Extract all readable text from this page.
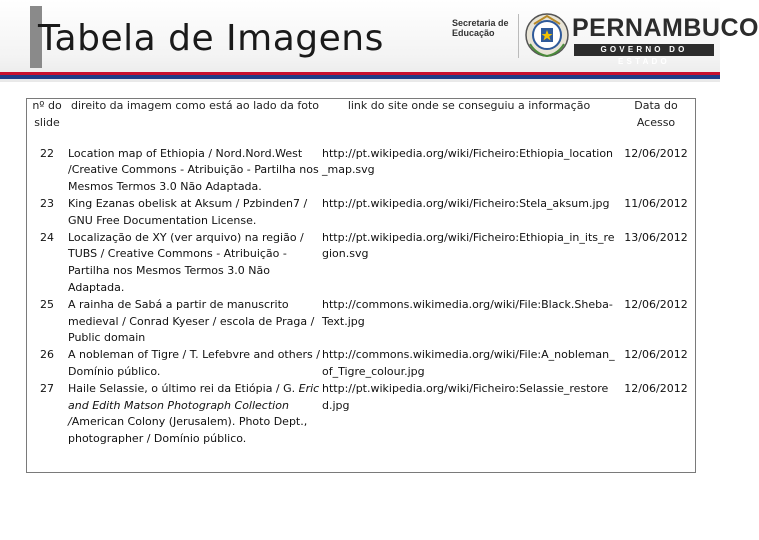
Tabela de Imagens	Secretaria de
Educação	PERNAMBUCO
GOVERNO DO ESTADO
nº do slide	direito da imagem como está ao lado da foto	link do site onde se conseguiu a informação	Data do Acesso
22	Location map of Ethiopia / Nord.Nord.West /Creative Commons - Atribuição - Partilha nos Mesmos Termos 3.0 Não Adaptada.	http://pt.wikipedia.org/wiki/Ficheiro:Ethiopia_location_map.svg	12/06/2012
23	King Ezanas obelisk at Aksum / Pzbinden7 / GNU Free Documentation License.	http://pt.wikipedia.org/wiki/Ficheiro:Stela_aksum.jpg	11/06/2012
24	Localização de XY (ver arquivo) na região / TUBS / Creative Commons - Atribuição - Partilha nos Mesmos Termos 3.0 Não Adaptada.	http://pt.wikipedia.org/wiki/Ficheiro:Ethiopia_in_its_region.svg	13/06/2012
25	A rainha de Sabá a partir de manuscrito medieval / Conrad Kyeser / escola de Praga / Public domain	http://commons.wikimedia.org/wiki/File:Black.Sheba-Text.jpg	12/06/2012
26	A nobleman of Tigre / T. Lefebvre and others / Domínio público.	http://commons.wikimedia.org/wiki/File:A_nobleman_of_Tigre_colour.jpg	12/06/2012
27	Haile Selassie, o último rei da Etiópia / G. Eric and Edith Matson Photograph Collection /American Colony (Jerusalem). Photo Dept., photographer / Domínio público.	http://pt.wikipedia.org/wiki/Ficheiro:Selassie_restored.jpg	12/06/2012
